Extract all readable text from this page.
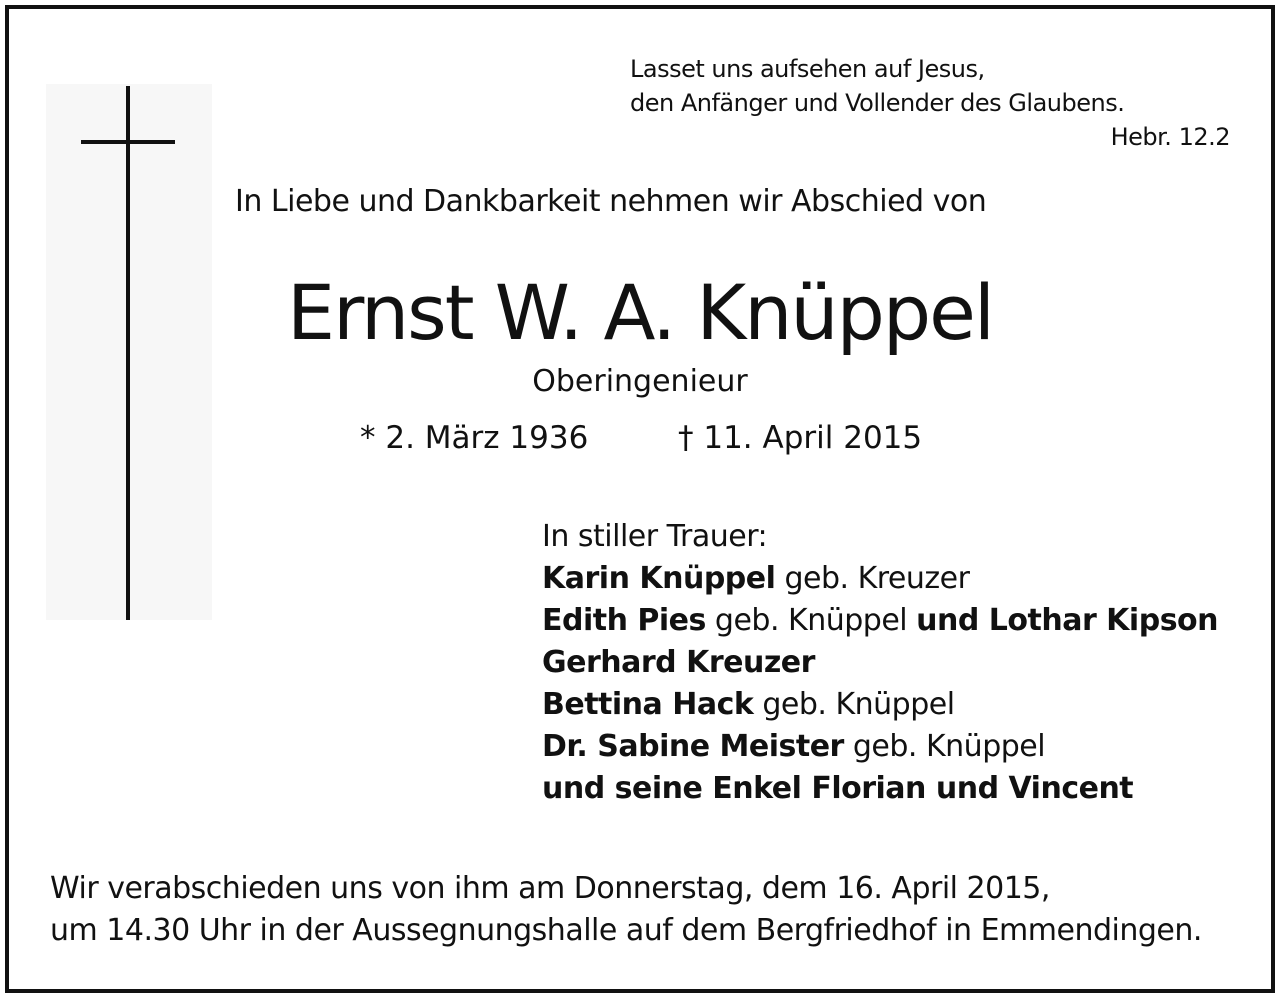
Lasset uns aufsehen auf Jesus,
den Anfänger und Vollender des Glaubens.
Hebr. 12.2
In Liebe und Dankbarkeit nehmen wir Abschied von
Ernst W. A. Knüppel
Oberingenieur
* 2. März 1936	† 11. April 2015
In stiller Trauer:
Karin Knüppel geb. Kreuzer
Edith Pies geb. Knüppel und Lothar Kipson
Gerhard Kreuzer
Bettina Hack geb. Knüppel
Dr. Sabine Meister geb. Knüppel
und seine Enkel Florian und Vincent
Wir verabschieden uns von ihm am Donnerstag, dem 16. April 2015,
um 14.30 Uhr in der Aussegnungshalle auf dem Bergfriedhof in Emmendingen.
